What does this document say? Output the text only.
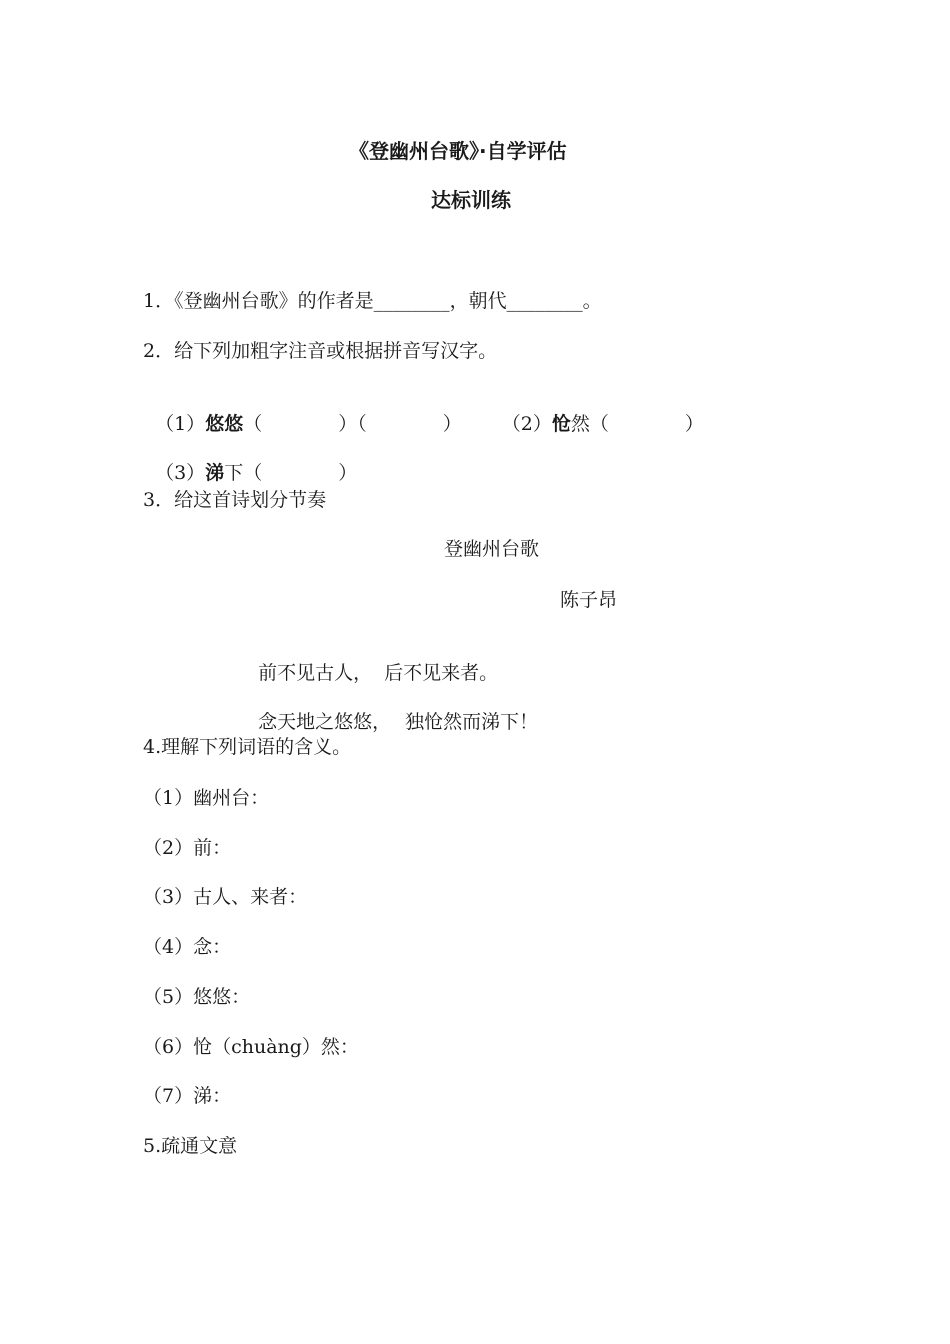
《登幽州台歌》·自学评估
达标训练
1．《登幽州台歌》的作者是________，朝代________。
2．给下列加粗字注音或根据拼音写汉字。

（1）悠悠（　　　　）（　　　　） （2）怆然（　　　　）

（3）涕下（　　　　）

3．给这首诗划分节奏
登幽州台歌
陈子昂

前不见古人， 后不见来者。

念天地之悠悠， 独怆然而涕下！

4.理解下列词语的含义。
（1）幽州台：
（2）前：
（3）古人、来者：
（4）念：
（5）悠悠：
（6）怆（chuàng）然：
（7）涕：
5.疏通文意
